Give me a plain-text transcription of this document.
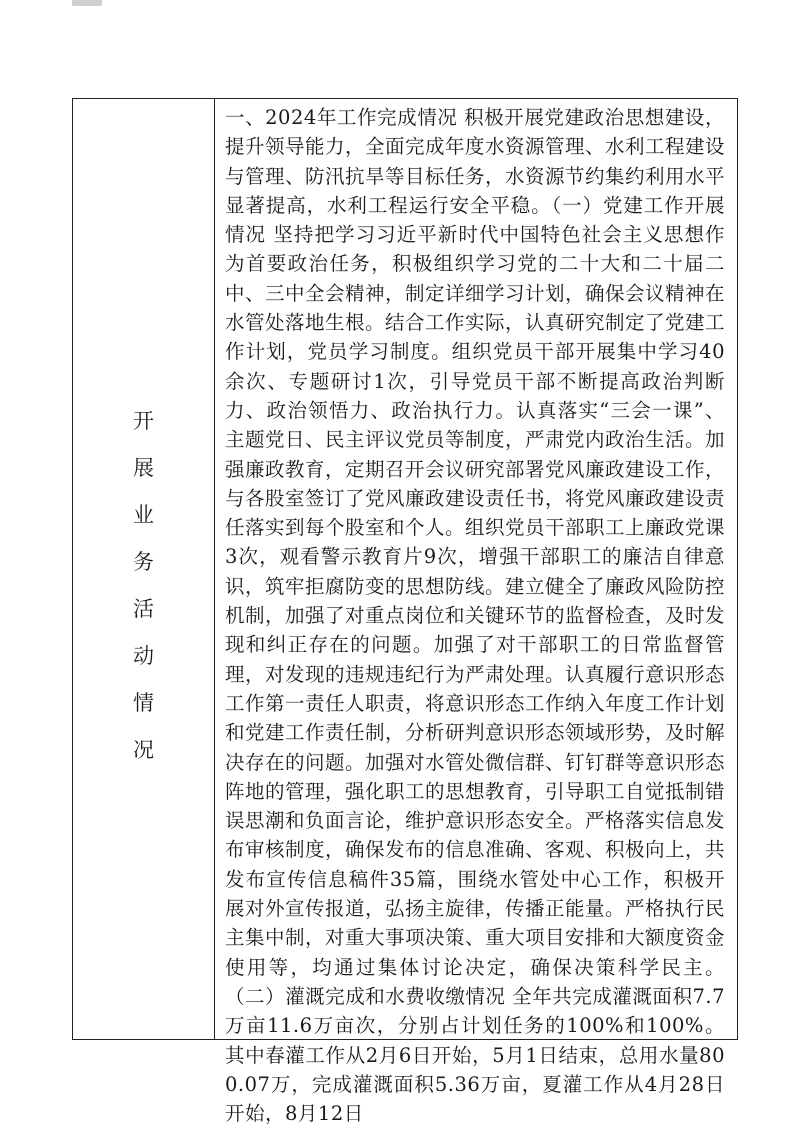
开
展
业
务
活
动
情
况

一、2024年工作完成情况 积极开展党建政治思想建设，提升领导能力，全面完成年度水资源管理、水利工程建设与管理、防汛抗旱等目标任务，水资源节约集约利用水平显著提高，水利工程运行安全平稳。（一）党建工作开展情况 坚持把学习习近平新时代中国特色社会主义思想作为首要政治任务，积极组织学习党的二十大和二十届二中、三中全会精神，制定详细学习计划，确保会议精神在水管处落地生根。结合工作实际，认真研究制定了党建工作计划，党员学习制度。组织党员干部开展集中学习40余次、专题研讨1次，引导党员干部不断提高政治判断力、政治领悟力、政治执行力。认真落实“三会一课”、主题党日、民主评议党员等制度，严肃党内政治生活。加强廉政教育，定期召开会议研究部署党风廉政建设工作，与各股室签订了党风廉政建设责任书，将党风廉政建设责任落实到每个股室和个人。组织党员干部职工上廉政党课3次，观看警示教育片9次，增强干部职工的廉洁自律意识，筑牢拒腐防变的思想防线。建立健全了廉政风险防控机制，加强了对重点岗位和关键环节的监督检查，及时发现和纠正存在的问题。加强了对干部职工的日常监督管理，对发现的违规违纪行为严肃处理。认真履行意识形态工作第一责任人职责，将意识形态工作纳入年度工作计划和党建工作责任制，分析研判意识形态领域形势，及时解决存在的问题。加强对水管处微信群、钉钉群等意识形态阵地的管理，强化职工的思想教育，引导职工自觉抵制错误思潮和负面言论，维护意识形态安全。严格落实信息发布审核制度，确保发布的信息准确、客观、积极向上，共发布宣传信息稿件35篇，围绕水管处中心工作，积极开展对外宣传报道，弘扬主旋律，传播正能量。严格执行民主集中制，对重大事项决策、重大项目安排和大额度资金使用等，均通过集体讨论决定，确保决策科学民主。（二）灌溉完成和水费收缴情况 全年共完成灌溉面积7.7万亩11.6万亩次，分别占计划任务的100%和100%。其中春灌工作从2月6日开始，5月1日结束，总用水量800.07万，完成灌溉面积5.36万亩，夏灌工作从4月28日开始，8月12日
